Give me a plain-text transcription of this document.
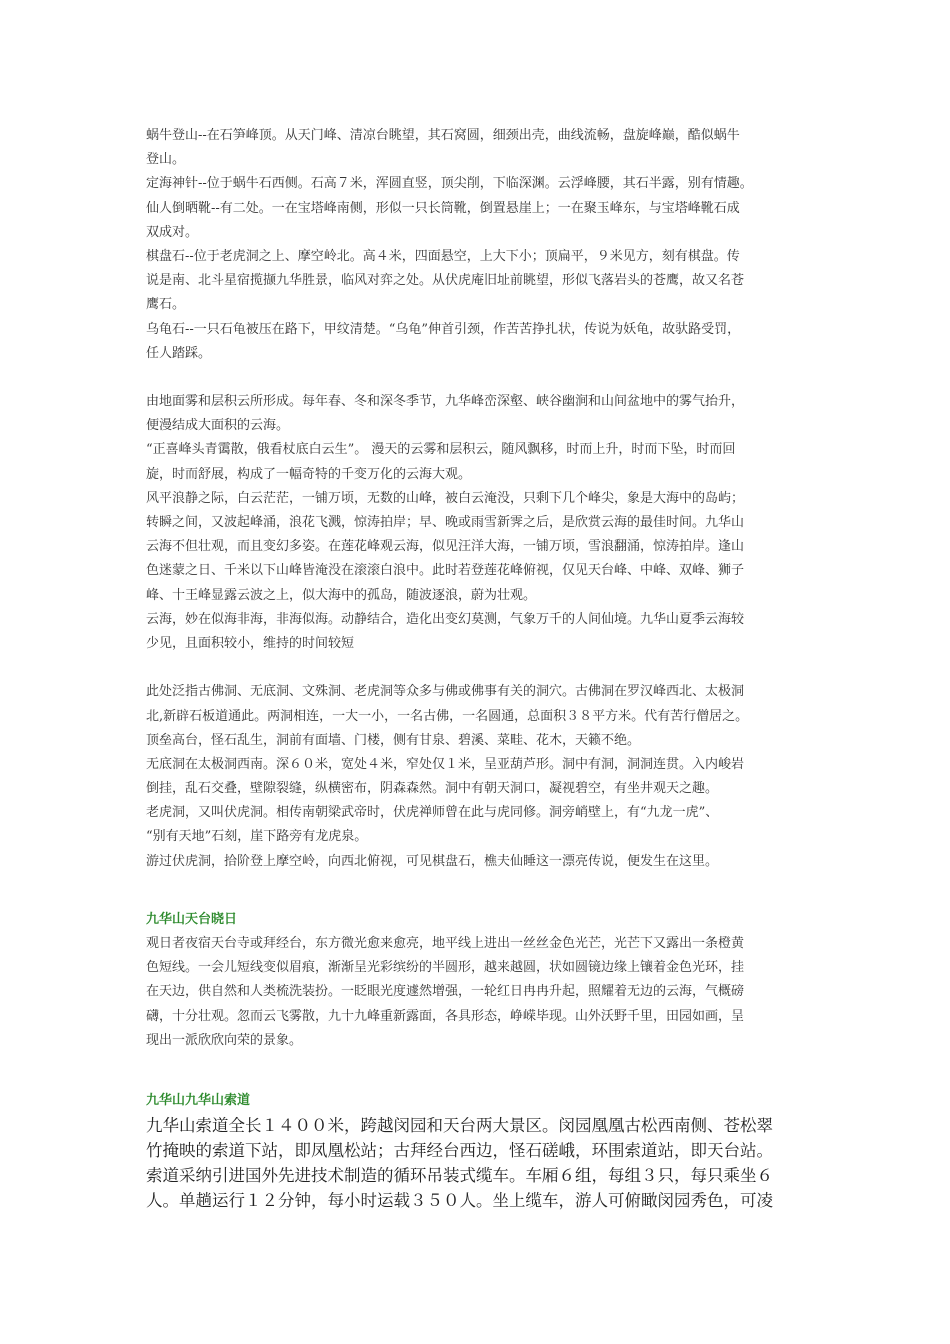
蜗牛登山--在石笋峰顶。从天门峰、清凉台眺望，其石窝圆，细颈出壳，曲线流畅，盘旋峰巅，酷似蜗牛
登山。
定海神针--位于蜗牛石西侧。石高７米，浑圆直竖，顶尖削，下临深渊。云浮峰腰，其石半露，别有情趣。
仙人倒晒靴--有二处。一在宝塔峰南侧，形似一只长筒靴，倒置悬崖上；一在聚玉峰东，与宝塔峰靴石成
双成对。
棋盘石--位于老虎洞之上、摩空岭北。高４米，四面悬空，上大下小；顶扁平，９米见方，刻有棋盘。传
说是南、北斗星宿揽撷九华胜景，临风对弈之处。从伏虎庵旧址前眺望，形似飞落岩头的苍鹰，故又名苍
鹰石。
乌龟石--一只石龟被压在路下，甲纹清楚。“乌龟”伸首引颈，作苦苦挣扎状，传说为妖龟，故驮路受罚，
任人踏踩。
由地面雾和层积云所形成。每年春、冬和深冬季节，九华峰峦深壑、峡谷幽涧和山间盆地中的雾气抬升，
便漫结成大面积的云海。
“正喜峰头青霭散，俄看杖底白云生”。 漫天的云雾和层积云，随风飘移，时而上升，时而下坠，时而回
旋，时而舒展，构成了一幅奇特的千变万化的云海大观。
风平浪静之际，白云茫茫，一铺万顷，无数的山峰，被白云淹没，只剩下几个峰尖，象是大海中的岛屿；
转瞬之间，又波起峰涌，浪花飞溅，惊涛拍岸；早、晚或雨雪新霁之后，是欣赏云海的最佳时间。九华山
云海不但壮观，而且变幻多姿。在莲花峰观云海，似见汪洋大海，一铺万顷，雪浪翻涌，惊涛拍岸。逢山
色迷蒙之日、千米以下山峰皆淹没在滚滚白浪中。此时若登莲花峰俯视，仅见天台峰、中峰、双峰、狮子
峰、十王峰显露云波之上，似大海中的孤岛，随波逐浪，蔚为壮观。
云海，妙在似海非海，非海似海。动静结合，造化出变幻莫测，气象万千的人间仙境。九华山夏季云海较
少见，且面积较小，维持的时间较短
此处泛指古佛洞、无底洞、文殊洞、老虎洞等众多与佛或佛事有关的洞穴。古佛洞在罗汉峰西北、太极洞
北,新辟石板道通此。两洞相连，一大一小，一名古佛，一名圆通，总面积３８平方米。代有苦行僧居之。
顶垒高台，怪石乱生，洞前有面墙、门楼，侧有甘泉、碧溪、菜畦、花木，天籁不绝。
无底洞在太极洞西南。深６０米，宽处４米，窄处仅１米，呈亚葫芦形。洞中有洞，洞洞连贯。入内峻岩
倒挂，乱石交叠，壁隙裂缝，纵横密布，阴森森然。洞中有朝天洞口，凝视碧空，有坐井观天之趣。
老虎洞，又叫伏虎洞。相传南朝梁武帝时，伏虎禅师曾在此与虎同修。洞旁峭壁上，有“九龙一虎”、
“别有天地”石刻，崖下路旁有龙虎泉。
游过伏虎洞，拾阶登上摩空岭，向西北俯视，可见棋盘石，樵夫仙睡这一漂亮传说，便发生在这里。
九华山天台晓日
观日者夜宿天台寺或拜经台，东方微光愈来愈亮，地平线上进出一丝丝金色光芒，光芒下又露出一条橙黄
色短线。一会儿短线变似眉痕，渐渐呈光彩缤纷的半圆形，越来越圆，状如圆镜边缘上镶着金色光环，挂
在天边，供自然和人类梳洗装扮。一眨眼光度遽然增强，一轮红日冉冉升起，照耀着无边的云海，气概磅
礴，十分壮观。忽而云飞雾散，九十九峰重新露面，各具形态，峥嵘毕现。山外沃野千里，田园如画，呈
现出一派欣欣向荣的景象。
九华山九华山索道
九华山索道全长１４００米，跨越闵园和天台两大景区。闵园凰凰古松西南侧、苍松翠
竹掩映的索道下站，即凤凰松站；古拜经台西边，怪石磋峨，环围索道站，即天台站。
索道采纳引进国外先进技术制造的循环吊装式缆车。车厢６组，每组３只，每只乘坐６
人。单趟运行１２分钟，每小时运载３５０人。坐上缆车，游人可俯瞰闵园秀色，可凌
